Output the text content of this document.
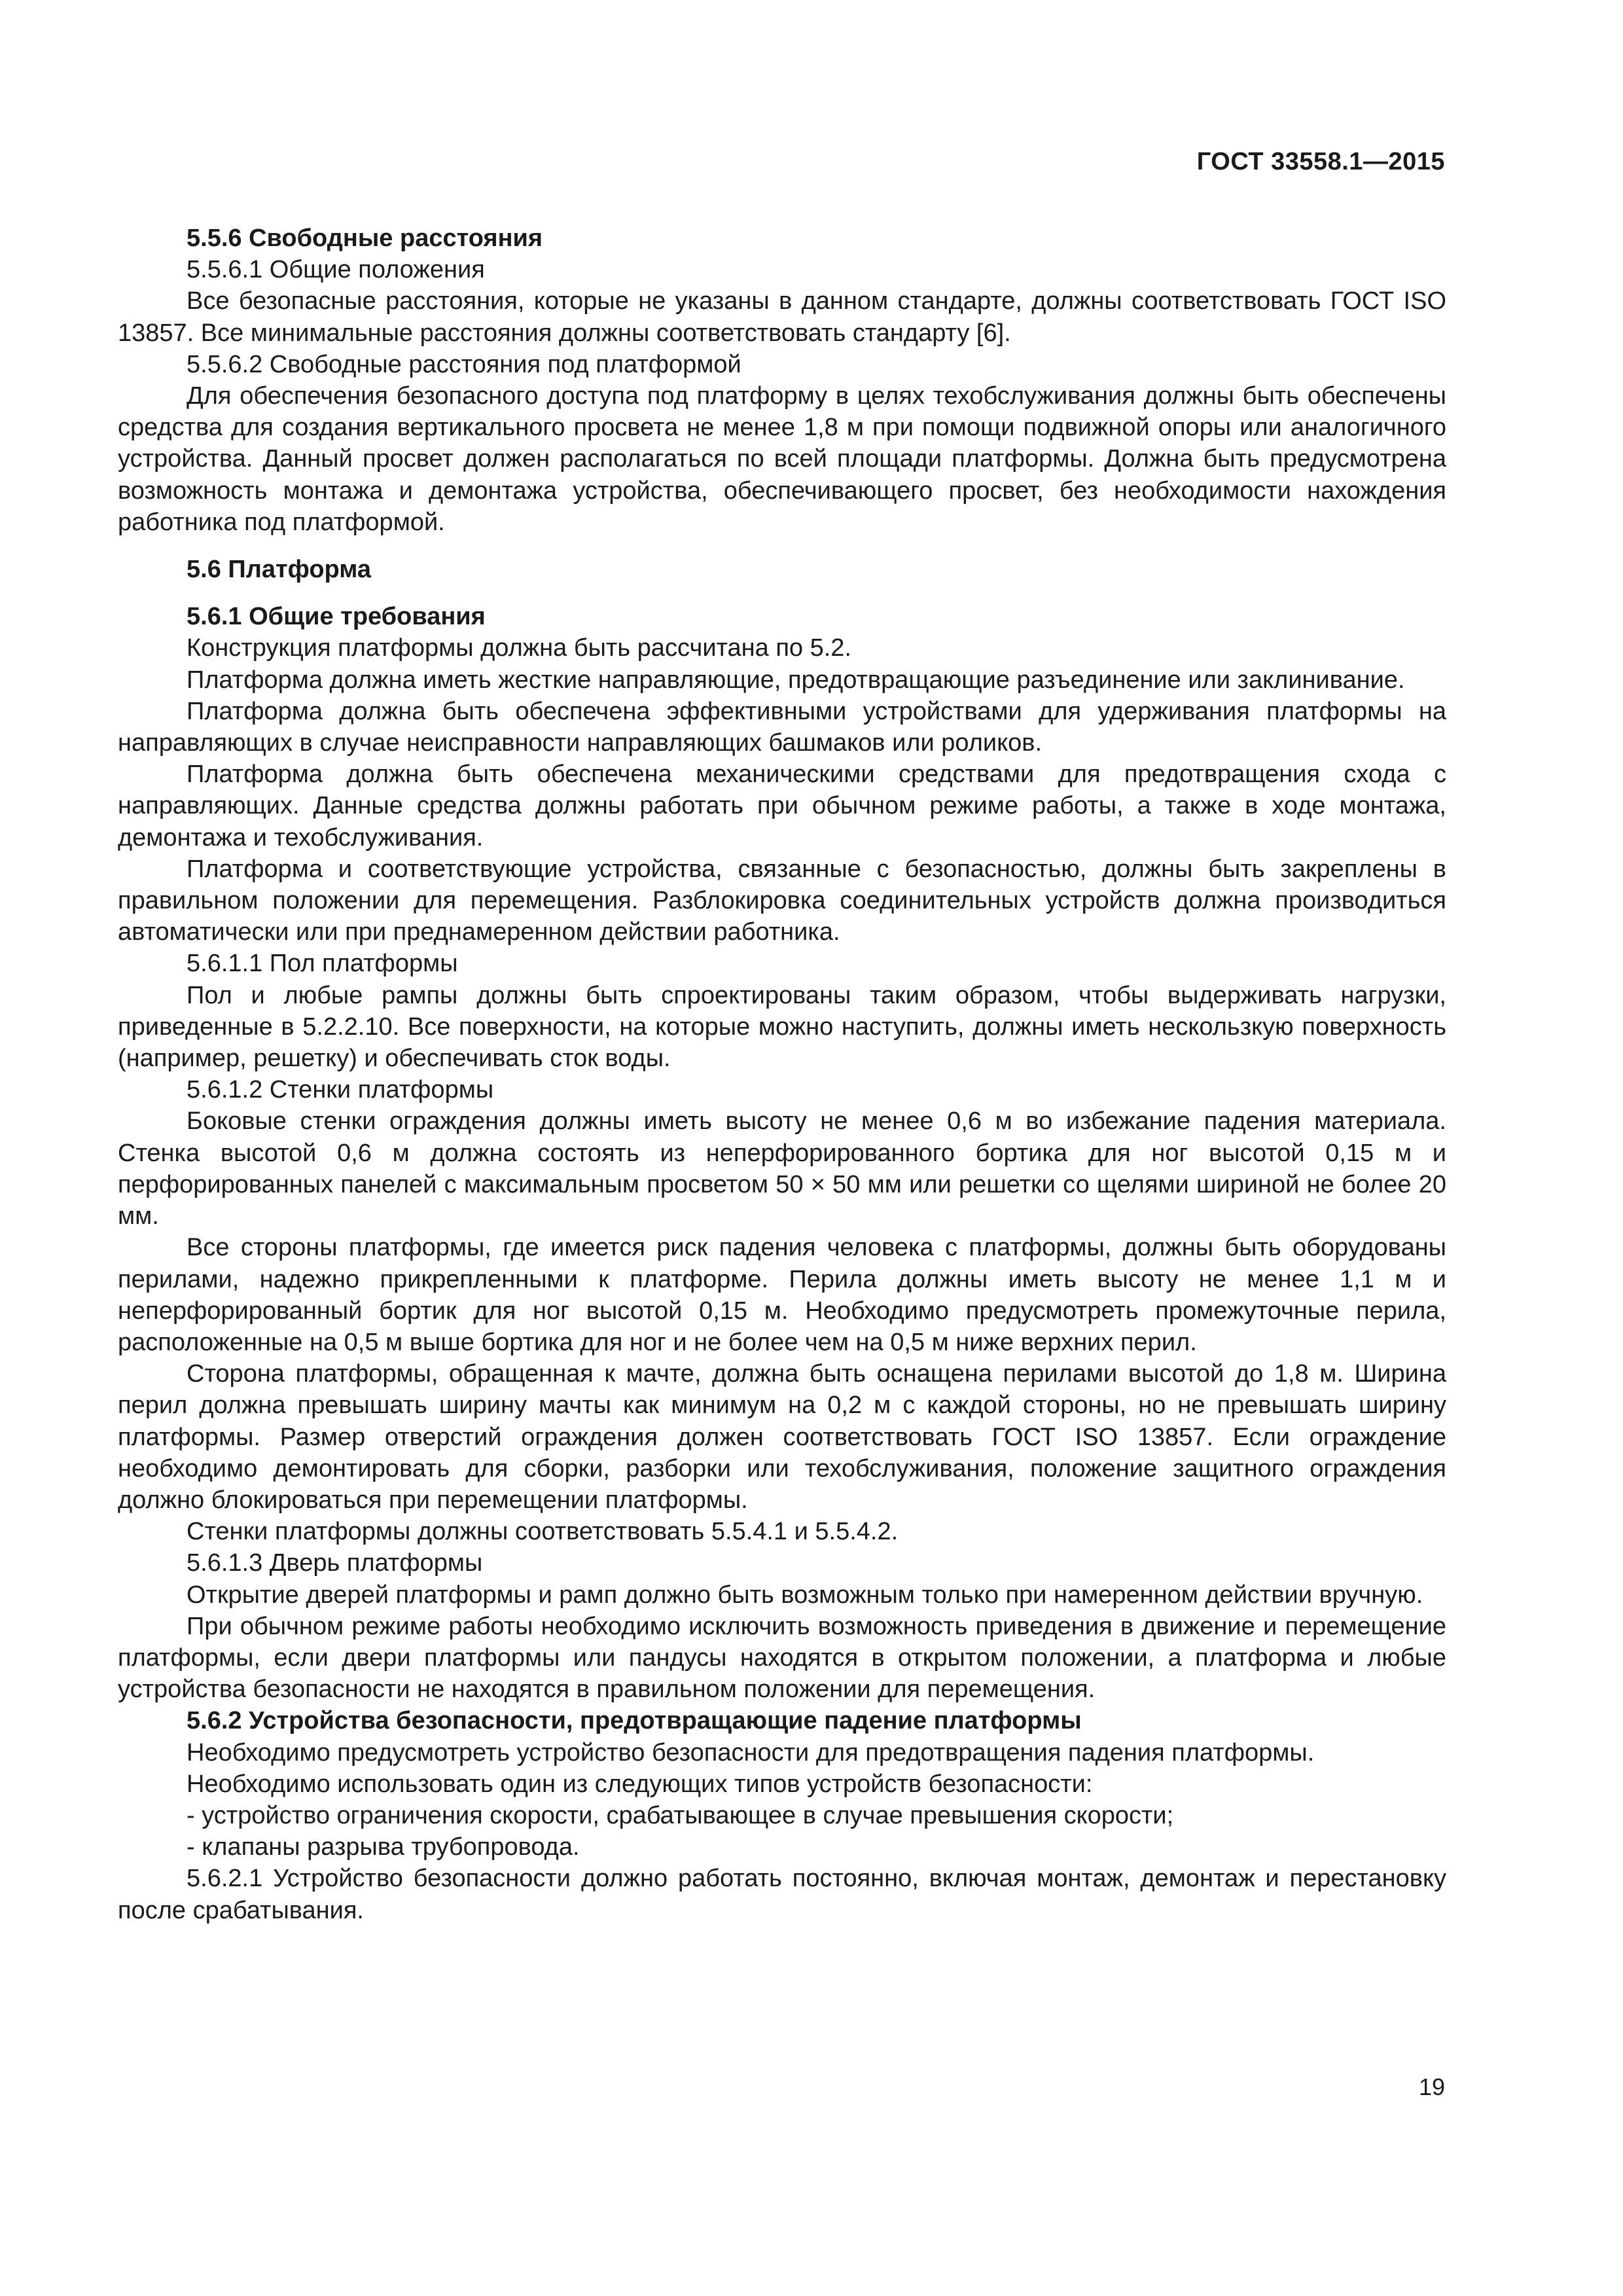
ГОСТ 33558.1—2015
5.5.6 Свободные расстояния
5.5.6.1 Общие положения
Все безопасные расстояния, которые не указаны в данном стандарте, должны соответствовать ГОСТ ISO 13857. Все минимальные расстояния должны соответствовать стандарту [6].
5.5.6.2 Свободные расстояния под платформой
Для обеспечения безопасного доступа под платформу в целях техобслуживания должны быть обеспечены средства для создания вертикального просвета не менее 1,8 м при помощи подвижной опоры или аналогичного устройства. Данный просвет должен располагаться по всей площади платформы. Должна быть предусмотрена возможность монтажа и демонтажа устройства, обеспечивающего просвет, без необходимости нахождения работника под платформой.
5.6 Платформа
5.6.1 Общие требования
Конструкция платформы должна быть рассчитана по 5.2.
Платформа должна иметь жесткие направляющие, предотвращающие разъединение или заклинивание.
Платформа должна быть обеспечена эффективными устройствами для удерживания платформы на направляющих в случае неисправности направляющих башмаков или роликов.
Платформа должна быть обеспечена механическими средствами для предотвращения схода с направляющих. Данные средства должны работать при обычном режиме работы, а также в ходе монтажа, демонтажа и техобслуживания.
Платформа и соответствующие устройства, связанные с безопасностью, должны быть закреплены в правильном положении для перемещения. Разблокировка соединительных устройств должна производиться автоматически или при преднамеренном действии работника.
5.6.1.1 Пол платформы
Пол и любые рампы должны быть спроектированы таким образом, чтобы выдерживать нагрузки, приведенные в 5.2.2.10. Все поверхности, на которые можно наступить, должны иметь нескользкую поверхность (например, решетку) и обеспечивать сток воды.
5.6.1.2 Стенки платформы
Боковые стенки ограждения должны иметь высоту не менее 0,6 м во избежание падения материала. Стенка высотой 0,6 м должна состоять из неперфорированного бортика для ног высотой 0,15 м и перфорированных панелей с максимальным просветом 50 × 50 мм или решетки со щелями шириной не более 20 мм.
Все стороны платформы, где имеется риск падения человека с платформы, должны быть оборудованы перилами, надежно прикрепленными к платформе. Перила должны иметь высоту не менее 1,1 м и неперфорированный бортик для ног высотой 0,15 м. Необходимо предусмотреть промежуточные перила, расположенные на 0,5 м выше бортика для ног и не более чем на 0,5 м ниже верхних перил.
Сторона платформы, обращенная к мачте, должна быть оснащена перилами высотой до 1,8 м. Ширина перил должна превышать ширину мачты как минимум на 0,2 м с каждой стороны, но не превышать ширину платформы. Размер отверстий ограждения должен соответствовать ГОСТ ISO 13857. Если ограждение необходимо демонтировать для сборки, разборки или техобслуживания, положение защитного ограждения должно блокироваться при перемещении платформы.
Стенки платформы должны соответствовать 5.5.4.1 и 5.5.4.2.
5.6.1.3 Дверь платформы
Открытие дверей платформы и рамп должно быть возможным только при намеренном действии вручную.
При обычном режиме работы необходимо исключить возможность приведения в движение и перемещение платформы, если двери платформы или пандусы находятся в открытом положении, а платформа и любые устройства безопасности не находятся в правильном положении для перемещения.
5.6.2 Устройства безопасности, предотвращающие падение платформы
Необходимо предусмотреть устройство безопасности для предотвращения падения платформы.
Необходимо использовать один из следующих типов устройств безопасности:
- устройство ограничения скорости, срабатывающее в случае превышения скорости;
- клапаны разрыва трубопровода.
5.6.2.1 Устройство безопасности должно работать постоянно, включая монтаж, демонтаж и перестановку после срабатывания.
19
